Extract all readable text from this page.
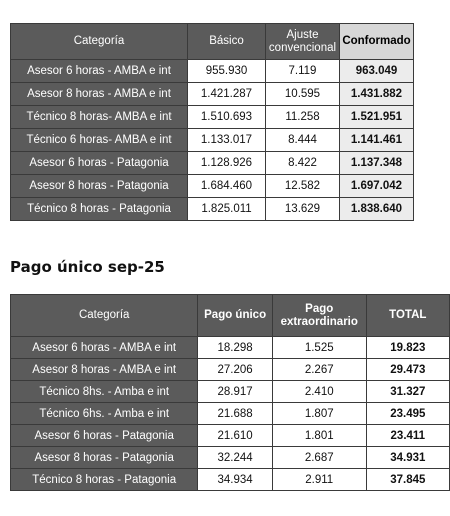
Categoría	Básico	Ajuste convencional	Conformado
Asesor 6 horas - AMBA e int	955.930	7.119	963.049
Asesor 8 horas - AMBA e int	1.421.287	10.595	1.431.882
Técnico 8 horas- AMBA e int	1.510.693	11.258	1.521.951
Técnico 6 horas- AMBA e int	1.133.017	8.444	1.141.461
Asesor 6 horas - Patagonia	1.128.926	8.422	1.137.348
Asesor 8 horas - Patagonia	1.684.460	12.582	1.697.042
Técnico 8 horas - Patagonia	1.825.011	13.629	1.838.640
Pago único sep-25
Categoría	Pago único	Pago extraordinario	TOTAL
Asesor 6 horas - AMBA e int	18.298	1.525	19.823
Asesor 8 horas - AMBA e int	27.206	2.267	29.473
Técnico 8hs. - Amba e int	28.917	2.410	31.327
Técnico 6hs. - Amba e int	21.688	1.807	23.495
Asesor 6 horas - Patagonia	21.610	1.801	23.411
Asesor 8 horas - Patagonia	32.244	2.687	34.931
Técnico 8 horas - Patagonia	34.934	2.911	37.845
